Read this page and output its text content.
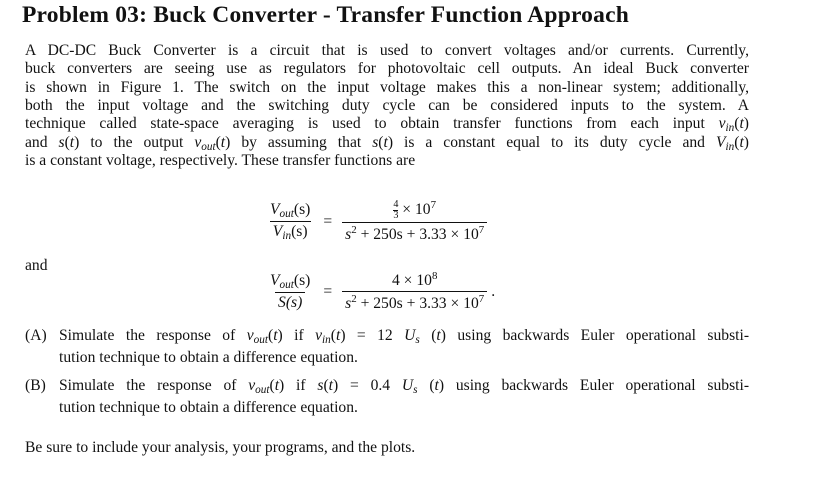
Problem 03: Buck Converter - Transfer Function Approach
A DC-DC Buck Converter is a circuit that is used to convert voltages and/or currents. Currently,
buck converters are seeing use as regulators for photovoltaic cell outputs. An ideal Buck converter
is shown in Figure 1. The switch on the input voltage makes this a non-linear system; additionally,
both the input voltage and the switching duty cycle can be considered inputs to the system. A
technique called state-space averaging is used to obtain transfer functions from each input $v_{in}(t)$
and s(t) to the output $v_{out}(t)$ by assuming that s(t) is a constant equal to its duty cycle and $V_{in}(t)$
is a constant voltage, respectively. These transfer functions are
$\frac{V_{out}(s)}{V_{in}(s)} = \frac{\frac{4}{3} \times 10^7}{s^2 + 250s + 3.33 \times 10^7}$
and
$\frac{V_{out}(s)}{S(s)} = \frac{4 \times 10^8}{s^2 + 250s + 3.33 \times 10^7}$ .
(A) Simulate the response of $v_{out}(t)$ if $v_{in}(t) = 12$ $U_s$ (t) using backwards Euler operational substi-
tution technique to obtain a difference equation.
(B) Simulate the response of $v_{out}(t)$ if s(t) = 0.4 $U_s$ (t) using backwards Euler operational substi-
tution technique to obtain a difference equation.
Be sure to include your analysis, your programs, and the plots.
